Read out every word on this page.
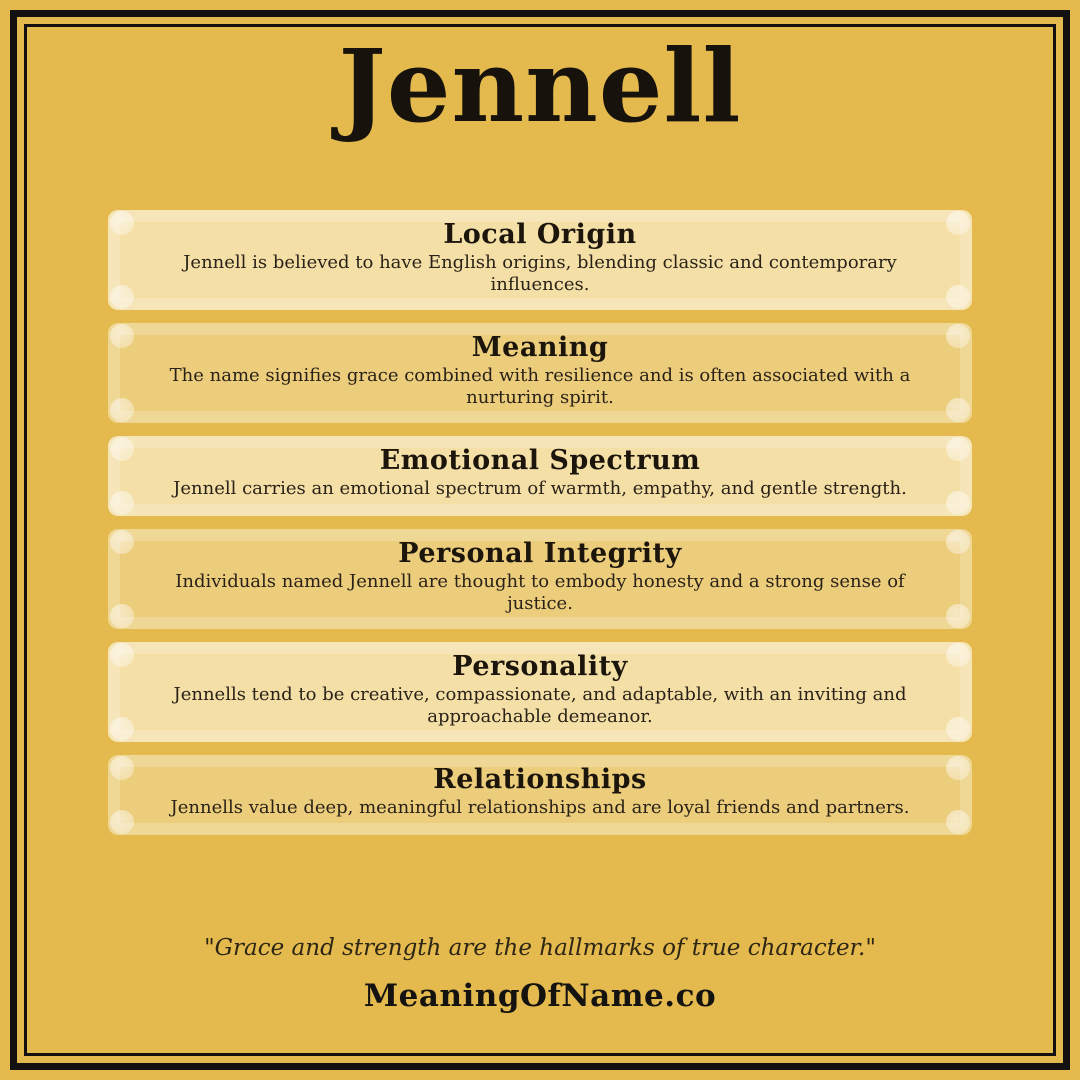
Jennell
Local Origin

Jennell is believed to have English origins, blending classic and contemporary influences.

Meaning

The name signifies grace combined with resilience and is often associated with a nurturing spirit.

Emotional Spectrum

Jennell carries an emotional spectrum of warmth, empathy, and gentle strength.

Personal Integrity

Individuals named Jennell are thought to embody honesty and a strong sense of justice.

Personality

Jennells tend to be creative, compassionate, and adaptable, with an inviting and approachable demeanor.

Relationships

Jennells value deep, meaningful relationships and are loyal friends and partners.

"Grace and strength are the hallmarks of true character."

MeaningOfName.co
